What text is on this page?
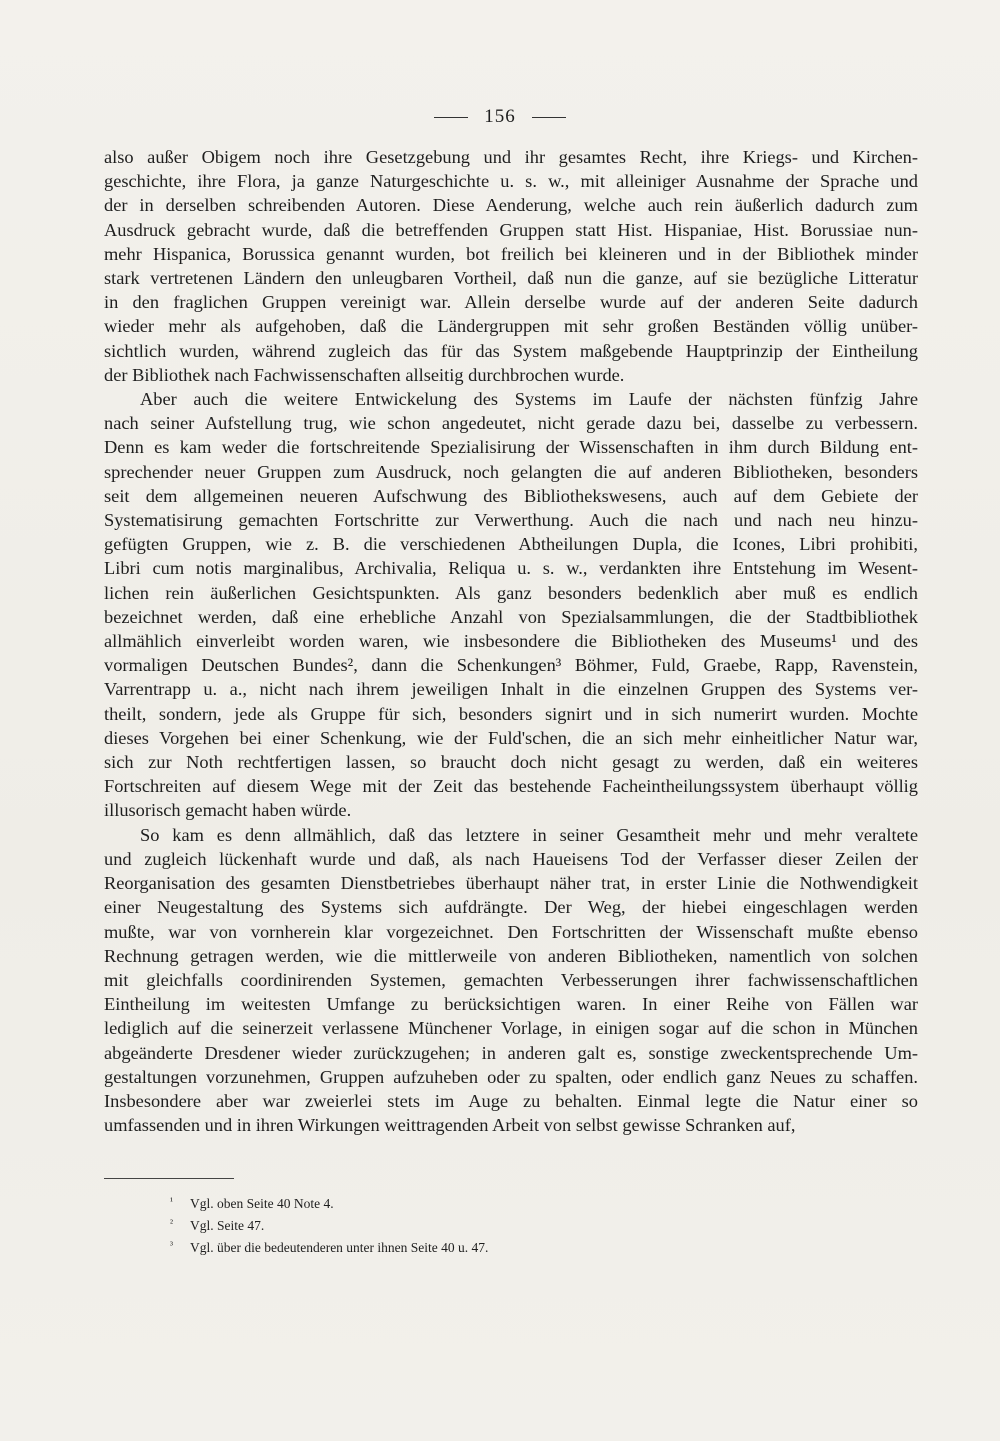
156

also außer Obigem noch ihre Gesetzgebung und ihr gesamtes Recht, ihre Kriegs- und Kirchen-
geschichte, ihre Flora, ja ganze Naturgeschichte u. s. w., mit alleiniger Ausnahme der Sprache und
der in derselben schreibenden Autoren. Diese Aenderung, welche auch rein äußerlich dadurch zum
Ausdruck gebracht wurde, daß die betreffenden Gruppen statt Hist. Hispaniae, Hist. Borussiae nun-
mehr Hispanica, Borussica genannt wurden, bot freilich bei kleineren und in der Bibliothek minder
stark vertretenen Ländern den unleugbaren Vortheil, daß nun die ganze, auf sie bezügliche Litteratur
in den fraglichen Gruppen vereinigt war. Allein derselbe wurde auf der anderen Seite dadurch
wieder mehr als aufgehoben, daß die Ländergruppen mit sehr großen Beständen völlig unüber-
sichtlich wurden, während zugleich das für das System maßgebende Hauptprinzip der Eintheilung
der Bibliothek nach Fachwissenschaften allseitig durchbrochen wurde.

Aber auch die weitere Entwickelung des Systems im Laufe der nächsten fünfzig Jahre
nach seiner Aufstellung trug, wie schon angedeutet, nicht gerade dazu bei, dasselbe zu verbessern.
Denn es kam weder die fortschreitende Spezialisirung der Wissenschaften in ihm durch Bildung ent-
sprechender neuer Gruppen zum Ausdruck, noch gelangten die auf anderen Bibliotheken, besonders
seit dem allgemeinen neueren Aufschwung des Bibliothekswesens, auch auf dem Gebiete der
Systematisirung gemachten Fortschritte zur Verwerthung. Auch die nach und nach neu hinzu-
gefügten Gruppen, wie z. B. die verschiedenen Abtheilungen Dupla, die Icones, Libri prohibiti,
Libri cum notis marginalibus, Archivalia, Reliqua u. s. w., verdankten ihre Entstehung im Wesent-
lichen rein äußerlichen Gesichtspunkten. Als ganz besonders bedenklich aber muß es endlich
bezeichnet werden, daß eine erhebliche Anzahl von Spezialsammlungen, die der Stadtbibliothek
allmählich einverleibt worden waren, wie insbesondere die Bibliotheken des Museums¹ und des
vormaligen Deutschen Bundes², dann die Schenkungen³ Böhmer, Fuld, Graebe, Rapp, Ravenstein,
Varrentrapp u. a., nicht nach ihrem jeweiligen Inhalt in die einzelnen Gruppen des Systems ver-
theilt, sondern, jede als Gruppe für sich, besonders signirt und in sich numerirt wurden. Mochte
dieses Vorgehen bei einer Schenkung, wie der Fuld'schen, die an sich mehr einheitlicher Natur war,
sich zur Noth rechtfertigen lassen, so braucht doch nicht gesagt zu werden, daß ein weiteres
Fortschreiten auf diesem Wege mit der Zeit das bestehende Facheintheilungssystem überhaupt völlig
illusorisch gemacht haben würde.

So kam es denn allmählich, daß das letztere in seiner Gesamtheit mehr und mehr veraltete
und zugleich lückenhaft wurde und daß, als nach Haueisens Tod der Verfasser dieser Zeilen der
Reorganisation des gesamten Dienstbetriebes überhaupt näher trat, in erster Linie die Nothwendigkeit
einer Neugestaltung des Systems sich aufdrängte. Der Weg, der hiebei eingeschlagen werden
mußte, war von vornherein klar vorgezeichnet. Den Fortschritten der Wissenschaft mußte ebenso
Rechnung getragen werden, wie die mittlerweile von anderen Bibliotheken, namentlich von solchen
mit gleichfalls coordinirenden Systemen, gemachten Verbesserungen ihrer fachwissenschaftlichen
Eintheilung im weitesten Umfange zu berücksichtigen waren. In einer Reihe von Fällen war
lediglich auf die seinerzeit verlassene Münchener Vorlage, in einigen sogar auf die schon in München
abgeänderte Dresdener wieder zurückzugehen; in anderen galt es, sonstige zweckentsprechende Um-
gestaltungen vorzunehmen, Gruppen aufzuheben oder zu spalten, oder endlich ganz Neues zu schaffen.
Insbesondere aber war zweierlei stets im Auge zu behalten. Einmal legte die Natur einer so
umfassenden und in ihren Wirkungen weittragenden Arbeit von selbst gewisse Schranken auf,

¹ Vgl. oben Seite 40 Note 4.
² Vgl. Seite 47.
³ Vgl. über die bedeutenderen unter ihnen Seite 40 u. 47.
